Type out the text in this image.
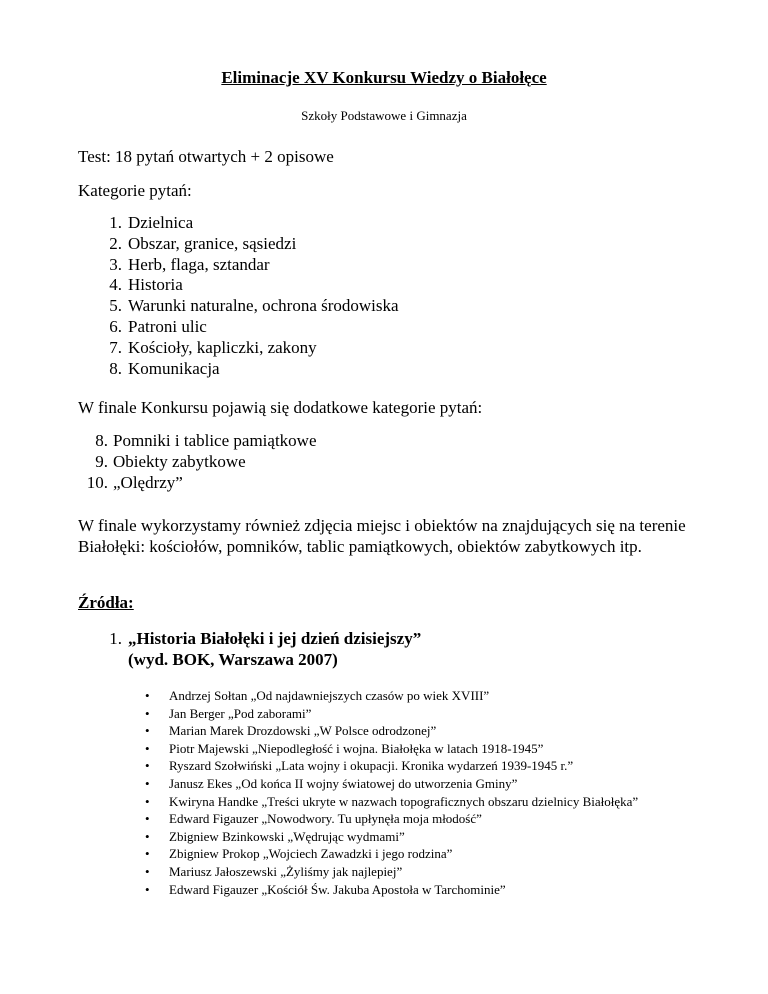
Eliminacje XV Konkursu Wiedzy o Białołęce
Szkoły Podstawowe i Gimnazja
Test: 18 pytań otwartych + 2 opisowe
Kategorie pytań:
1. Dzielnica
2. Obszar, granice, sąsiedzi
3. Herb, flaga, sztandar
4. Historia
5. Warunki naturalne, ochrona środowiska
6. Patroni ulic
7. Kościoły, kapliczki, zakony
8. Komunikacja
W finale Konkursu pojawią się dodatkowe kategorie pytań:
8. Pomniki i tablice pamiątkowe
9. Obiekty zabytkowe
10. „Olędrzy”
W finale wykorzystamy również zdjęcia miejsc i obiektów na znajdujących się na terenie Białołęki: kościołów, pomników, tablic pamiątkowych, obiektów zabytkowych itp.
Źródła:
1. „Historia Białołęki i jej dzień dzisiejszy”
(wyd. BOK, Warszawa 2007)
•	Andrzej Sołtan „Od najdawniejszych czasów po wiek XVIII”
•	Jan Berger „Pod zaborami”
•	Marian Marek Drozdowski „W Polsce odrodzonej”
•	Piotr Majewski „Niepodległość i wojna. Białołęka w latach 1918-1945”
•	Ryszard Szołwiński „Lata wojny i okupacji. Kronika wydarzeń 1939-1945 r.”
•	Janusz Ekes „Od końca II wojny światowej do utworzenia Gminy”
•	Kwiryna Handke „Treści ukryte w nazwach topograficznych obszaru dzielnicy Białołęka”
•	Edward Figauzer „Nowodwory. Tu upłynęła moja młodość”
•	Zbigniew Bzinkowski „Wędrując wydmami”
•	Zbigniew Prokop „Wojciech Zawadzki i jego rodzina”
•	Mariusz Jałoszewski „Żyliśmy jak najlepiej”
•	Edward Figauzer „Kościół Św. Jakuba Apostoła w Tarchominie”
